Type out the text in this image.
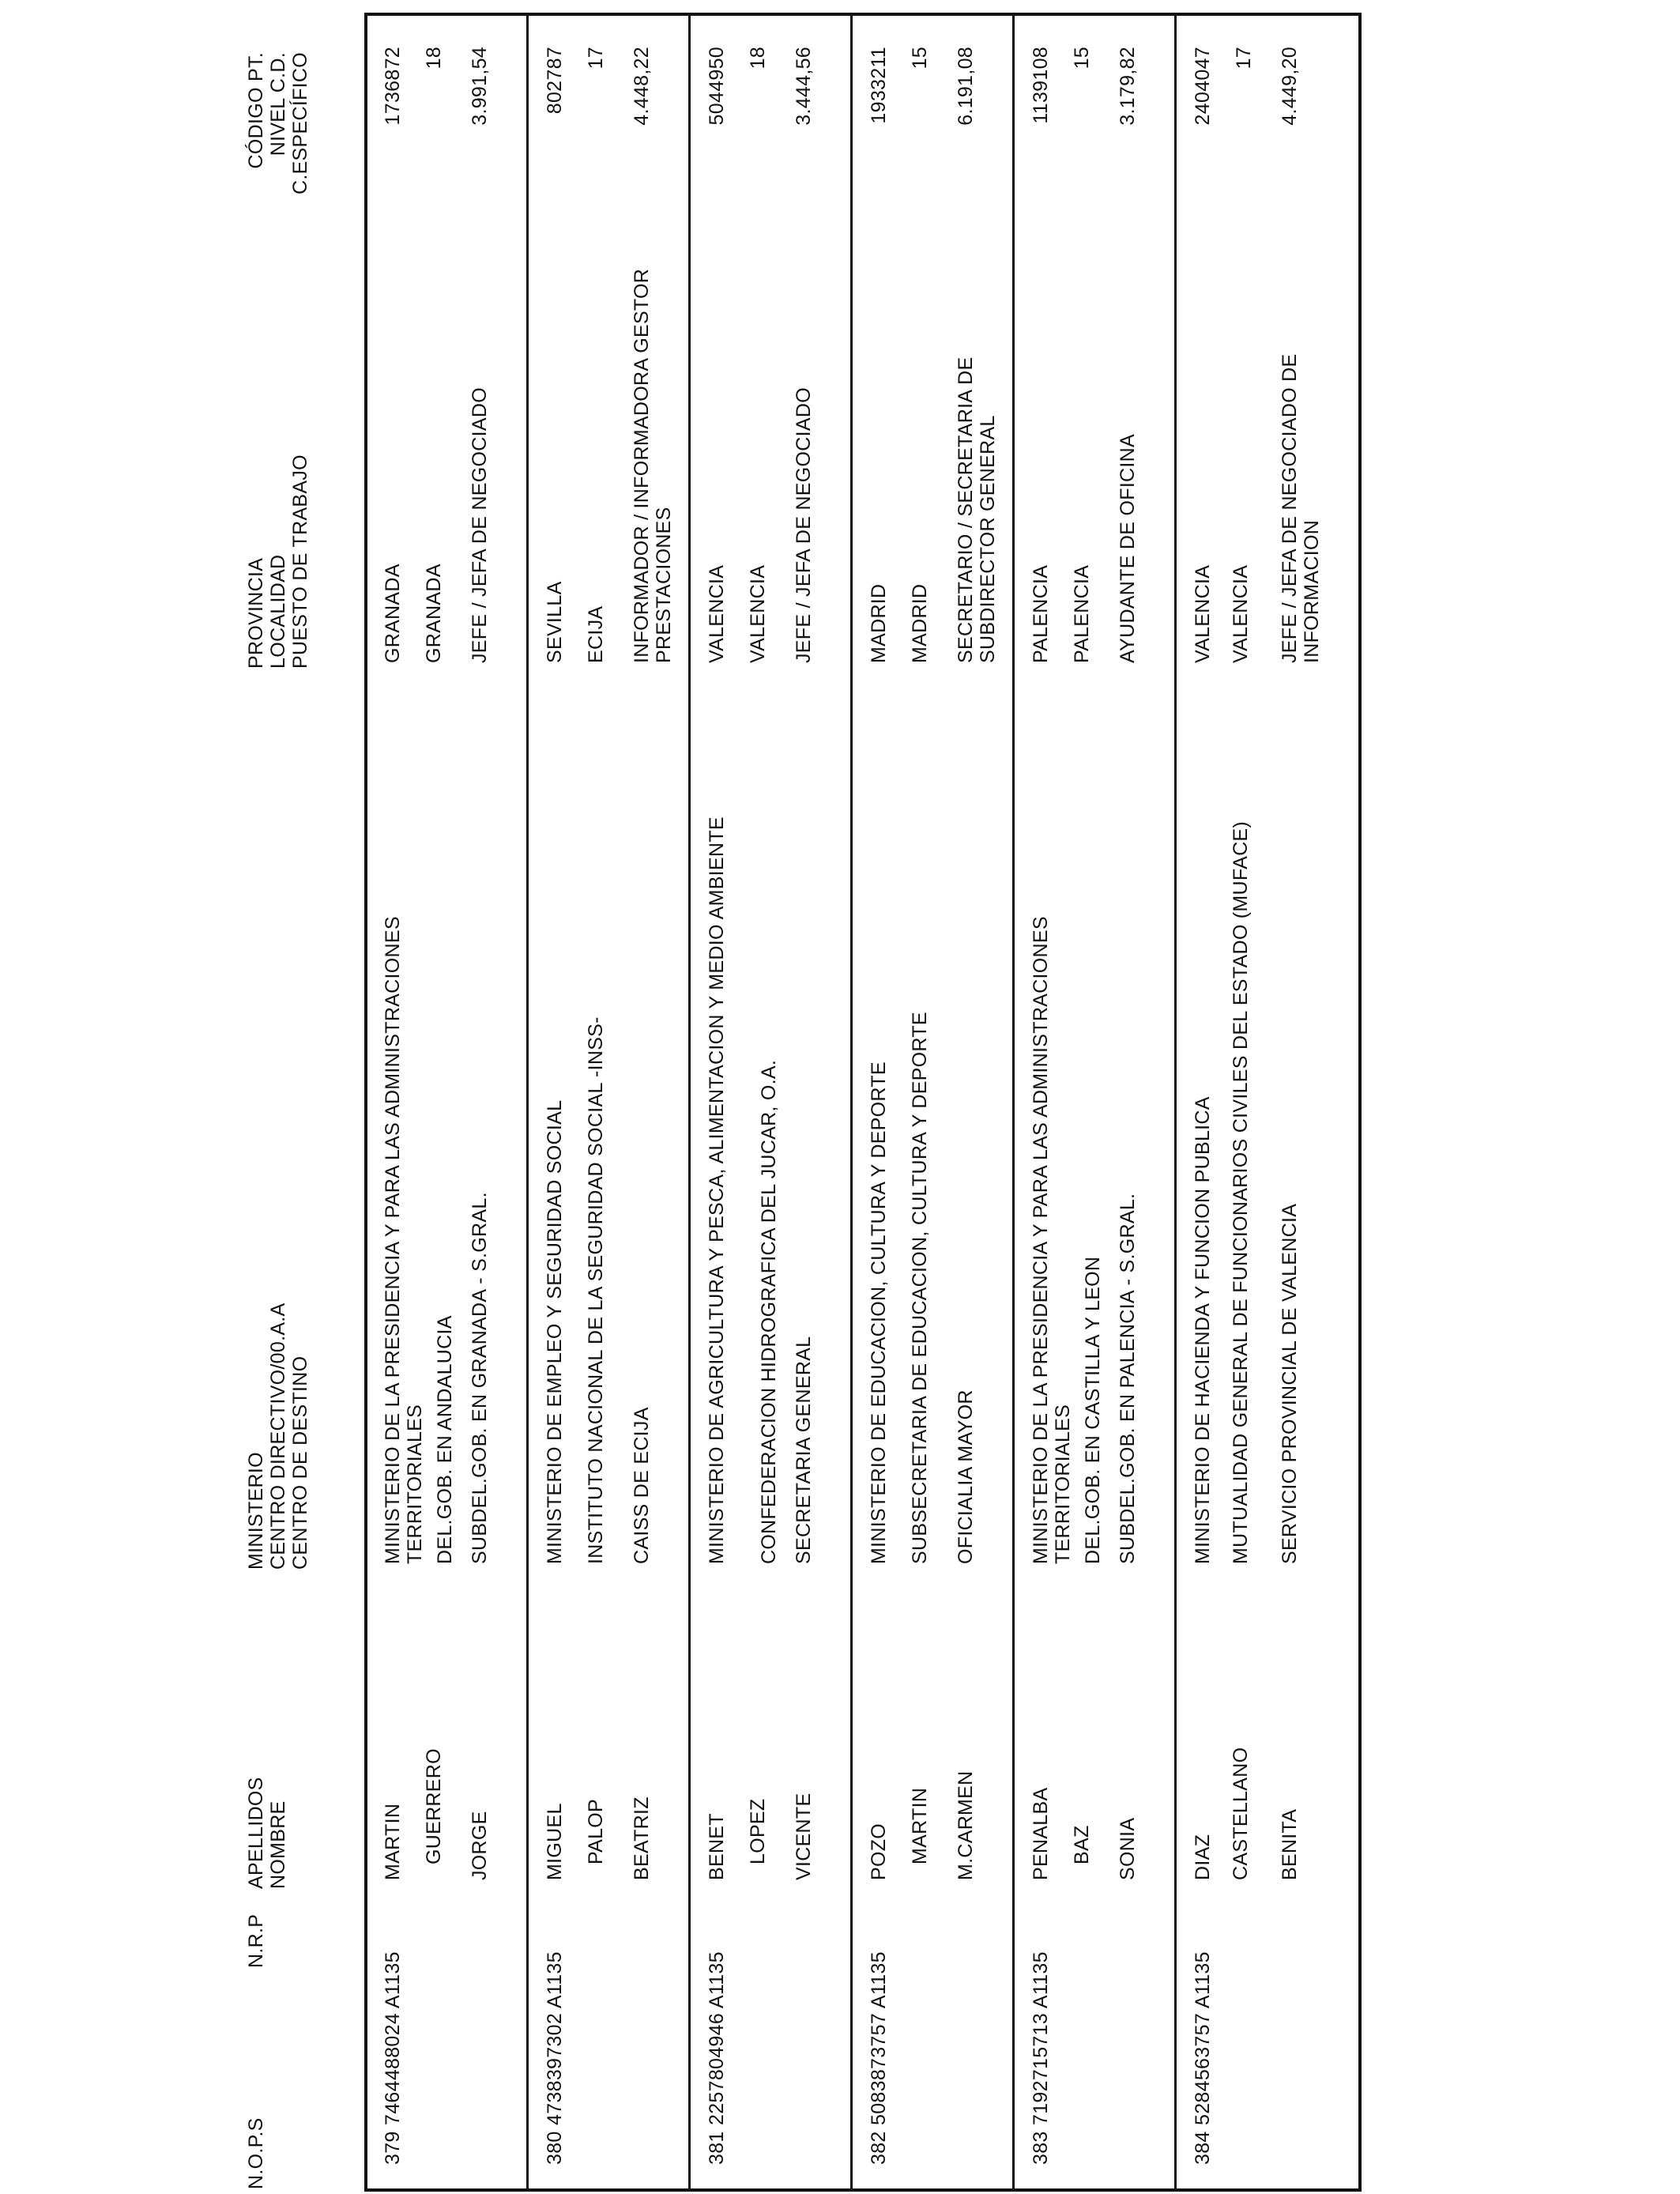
N.O.P.S
N.R.P
APELLIDOS NOMBRE
MINISTERIO CENTRO DIRECTIVO/00.A.A CENTRO DE DESTINO
PROVINCIA LOCALIDAD PUESTO DE TRABAJO
CÓDIGO PT. NIVEL C.D. C.ESPECÍFICO
379
7464488024 A1135
MARTIN GUERRERO JORGE
MINISTERIO DE LA PRESIDENCIA Y PARA LAS ADMINISTRACIONES TERRITORIALES DEL.GOB. EN ANDALUCIA SUBDEL.GOB. EN GRANADA - S.GRAL.
GRANADA GRANADA JEFE / JEFA DE NEGOCIADO
1736872 18 3.991,54
380
4738397302 A1135
MIGUEL PALOP BEATRIZ
MINISTERIO DE EMPLEO Y SEGURIDAD SOCIAL INSTITUTO NACIONAL DE LA SEGURIDAD SOCIAL -INSS- CAISS DE ECIJA
SEVILLA ECIJA INFORMADOR / INFORMADORA GESTOR PRESTACIONES
802787 17 4.448,22
381
2257804946 A1135
BENET LOPEZ VICENTE
MINISTERIO DE AGRICULTURA Y PESCA, ALIMENTACION Y MEDIO AMBIENTE CONFEDERACION HIDROGRAFICA DEL JUCAR, O.A. SECRETARIA GENERAL
VALENCIA VALENCIA JEFE / JEFA DE NEGOCIADO
5044950 18 3.444,56
382
5083873757 A1135
POZO MARTIN M.CARMEN
MINISTERIO DE EDUCACION, CULTURA Y DEPORTE SUBSECRETARIA DE EDUCACION, CULTURA Y DEPORTE OFICIALIA MAYOR
MADRID MADRID SECRETARIO / SECRETARIA DE SUBDIRECTOR GENERAL
1933211 15 6.191,08
383
7192715713 A1135
PENALBA BAZ SONIA
MINISTERIO DE LA PRESIDENCIA Y PARA LAS ADMINISTRACIONES TERRITORIALES DEL.GOB. EN CASTILLA Y LEON SUBDEL.GOB. EN PALENCIA - S.GRAL.
PALENCIA PALENCIA AYUDANTE DE OFICINA
1139108 15 3.179,82
384
5284563757 A1135
DIAZ CASTELLANO BENITA
MINISTERIO DE HACIENDA Y FUNCION PUBLICA MUTUALIDAD GENERAL DE FUNCIONARIOS CIVILES DEL ESTADO (MUFACE) SERVICIO PROVINCIAL DE VALENCIA
VALENCIA VALENCIA JEFE / JEFA DE NEGOCIADO DE INFORMACION
2404047 17 4.449,20
